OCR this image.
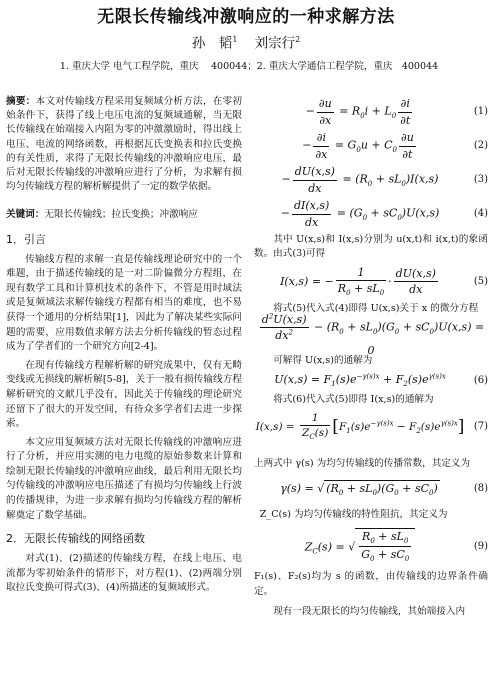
无限长传输线冲激响应的一种求解方法
孙　韬$^1$ 刘宗行$^2$
1. 重庆大学 电气工程学院，重庆　 400044；2. 重庆大学通信工程学院，重庆　400044

摘要：本文对传输线方程采用复频域分析方法，在零初始条件下，获得了线上电压电流的复频域通解，当无限长传输线在始端接入内阻为零的冲激激励时，得出线上电压、电流的网络函数，再根据瓦氏变换表和拉氏变换的有关性质，求得了无限长传输线的冲激响应电压，最后对无限长传输线的冲激响应进行了分析，为求解有损均匀传输线方程的解析解提供了一定的数学依据。

关键词：无限长传输线；拉氏变换；冲激响应

1．引言

传输线方程的求解一直是传输线理论研究中的一个难题，由于描述传输线的是一对二阶偏微分方程组，在现有数学工具和计算机技术的条件下，不管是用时域法或是复频域法求解传输线方程都有相当的难度，也不易获得一个通用的分析结果[1]，因此为了解决某些实际问题的需要，应用数值求解方法去分析传输线的暂态过程成为了学者们的一个研究方向[2-4]。

在现有传输线方程解析解的研究成果中，仅有无畸变线或无损线的解析解[5-8]，关于一般有损传输线方程解析研究的文献几乎没有，因此关于传输线的理论研究还留下了很大的开发空间，有待众多学者们去进一步探索。

本文应用复频域方法对无限长传输线的冲激响应进行了分析，并应用实测的电力电缆的原始参数来计算和绘制无限长传输线的冲激响应曲线，最后利用无限长均匀传输线的冲激响应电压描述了有损均匀传输线上行波的传播规律，为进一步求解有损均匀传输线方程的解析解奠定了数学基础。

2．无限长传输线的网络函数

对式(1)、(2)描述的传输线方程，在线上电压、电流都为零初始条件的情形下，对方程(1)、(2)两端分别取拉氏变换可得式(3)、(4)所描述的复频域形式。

− $\frac{\partial u}{\partial x} = R_0i + L_0 \frac{\partial i}{\partial t}$	(1)
− $\frac{\partial i}{\partial x} = G_0u + C_0 \frac{\partial u}{\partial t}$	(2)
− $\frac{dU(x,s)}{dx} = (R_0 + sL_0)I(x,s)$	(3)
− $\frac{dI(x,s)}{dx} = (G_0 + sC_0)U(x,s)$	(4)

其中 U(x,s)和 I(x,s)分别为 u(x,t)和 i(x,t)的象函数。由式(3)可得

I(x,s) = − $\frac{1}{R_0 + sL_0} \cdot \frac{dU(x,s)}{dx}$	(5)

将式(5)代入式(4)即得 U(x,s)关于 x 的微分方程

$\frac{d^2U(x,s)}{dx^2} - (R_0 + sL_0)(G_0 + sC_0)U(x,s) = 0$

可解得 U(x,s)的通解为

$U(x,s) = F_1(s)e^{-\gamma(s)x} + F_2(s)e^{\gamma(s)x}$	(6)

将式(6)代入式(5)即得 I(x,s)的通解为

$I(x,s) = \frac{1}{Z_C(s)} [F_1(s)e^{-\gamma(s)x} - F_2(s)e^{\gamma(s)x}]$ (7)

上两式中 γ(s) 为均匀传输线的传播常数，其定义为

γ(s) = √ $(R_0 + sL_0)(G_0 + sC_0)$	(8)

Z_C(s) 为均匀传输线的特性阻抗，其定义为

$Z_C(s)$ = √ $\frac{R_0 + sL_0}{G_0 + sC_0}$	(9)

F₁(s)、F₂(s)均为 s 的函数，由传输线的边界条件确定。

现有一段无限长的均匀传输线，其始端接入内
